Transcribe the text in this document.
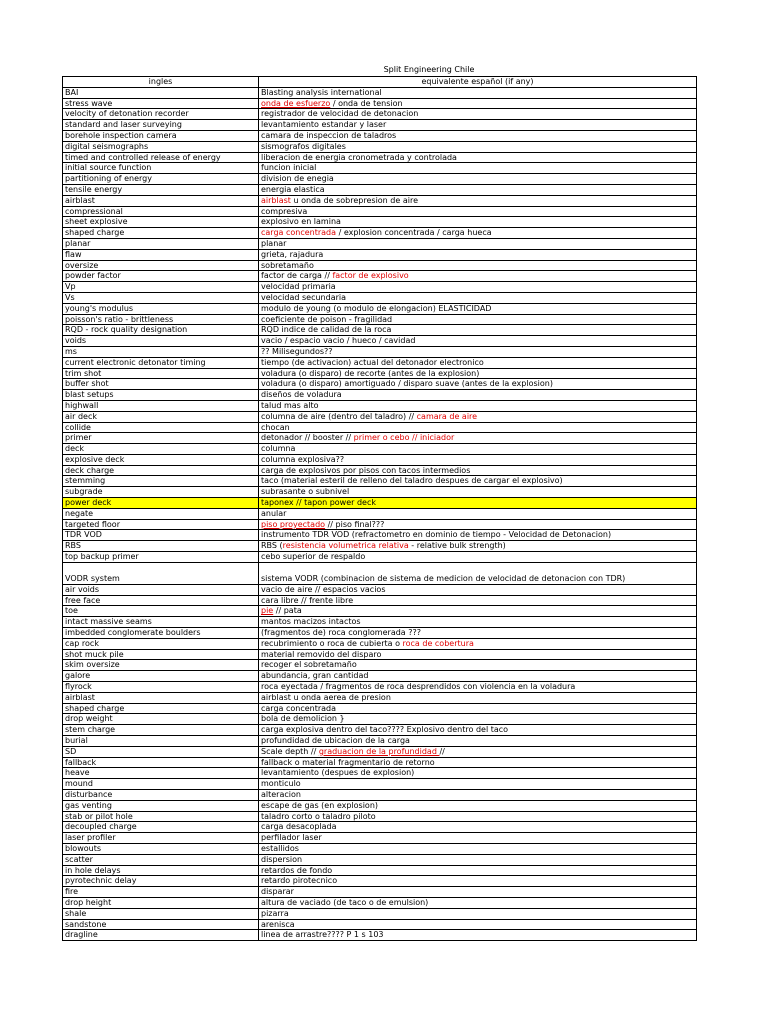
Split Engineering Chile
ingles	equivalente español (if any)
BAI	Blasting analysis international
stress wave	onda de esfuerzo / onda de tension
velocity of detonation recorder	registrador de velocidad de detonacion
standard and laser surveying	levantamiento estandar y laser
borehole inspection camera	camara de inspeccion de taladros
digital seismographs	sismografos digitales
timed and controlled release of energy	liberacion de energia cronometrada y controlada
initial source function	funcion inicial
partitioning of energy	division de enegia
tensile energy	energia elastica
airblast	airblast u onda de sobrepresion de aire
compressional	compresiva
sheet explosive	explosivo en lamina
shaped charge	carga concentrada / explosion concentrada / carga hueca
planar	planar
flaw	grieta, rajadura
oversize	sobretamaño
powder factor	factor de carga // factor de explosivo
Vp	velocidad primaria
Vs	velocidad secundaria
young's modulus	modulo de young (o modulo de elongacion) ELASTICIDAD
poisson's ratio - brittleness	coeficiente de poison - fragilidad
RQD - rock quality designation	RQD indice de calidad de la roca
voids	vacio / espacio vacio / hueco / cavidad
ms	?? Milisegundos??
current electronic detonator timing	tiempo (de activacion) actual del detonador electronico
trim shot	voladura (o disparo) de recorte (antes de la explosion)
buffer shot	voladura (o disparo) amortiguado / disparo suave (antes de la explosion)
blast setups	diseños de voladura
highwall	talud mas alto
air deck	columna de aire (dentro del taladro) // camara de aire
collide	chocan
primer	detonador // booster // primer o cebo // iniciador
deck	columna
explosive deck	columna explosiva??
deck charge	carga de explosivos por pisos con tacos intermedios
stemming	taco (material esteril de relleno del taladro despues de cargar el explosivo)
subgrade	subrasante o subnivel
power deck	taponex // tapon power deck
negate	anular
targeted floor	piso proyectado // piso final???
TDR VOD	instrumento TDR VOD (refractometro en dominio de tiempo - Velocidad de Detonacion)
RBS	RBS (resistencia volumetrica relativa - relative bulk strength)
top backup primer	cebo superior de respaldo
VODR system	sistema VODR (combinacion de sistema de medicion de velocidad de detonacion con TDR)
air voids	vacio de aire // espacios vacios
free face	cara libre // frente libre
toe	pie // pata
intact massive seams	mantos macizos intactos
imbedded conglomerate boulders	(fragmentos de) roca conglomerada ???
cap rock	recubrimiento o roca de cubierta o roca de cobertura
shot muck pile	material removido del disparo
skim oversize	recoger el sobretamaño
galore	abundancia, gran cantidad
flyrock	roca eyectada / fragmentos de roca desprendidos con violencia en la voladura
airblast	airblast u onda aerea de presion
shaped charge	carga concentrada
drop weight	bola de demolicion }
stem charge	carga explosiva dentro del taco???? Explosivo dentro del taco
burial	profundidad de ubicacion de la carga
SD	Scale depth // graduacion de la profundidad //
fallback	fallback o material fragmentario de retorno
heave	levantamiento (despues de explosion)
mound	monticulo
disturbance	alteracion
gas venting	escape de gas (en explosion)
stab or pilot hole	taladro corto o taladro piloto
decoupled charge	carga desacoplada
laser profiler	perfilador laser
blowouts	estallidos
scatter	dispersion
in hole delays	retardos de fondo
pyrotechnic delay	retardo pirotecnico
fire	disparar
drop height	altura de vaciado (de taco o de emulsion)
shale	pizarra
sandstone	arenisca
dragline	linea de arrastre???? P 1 s 103
